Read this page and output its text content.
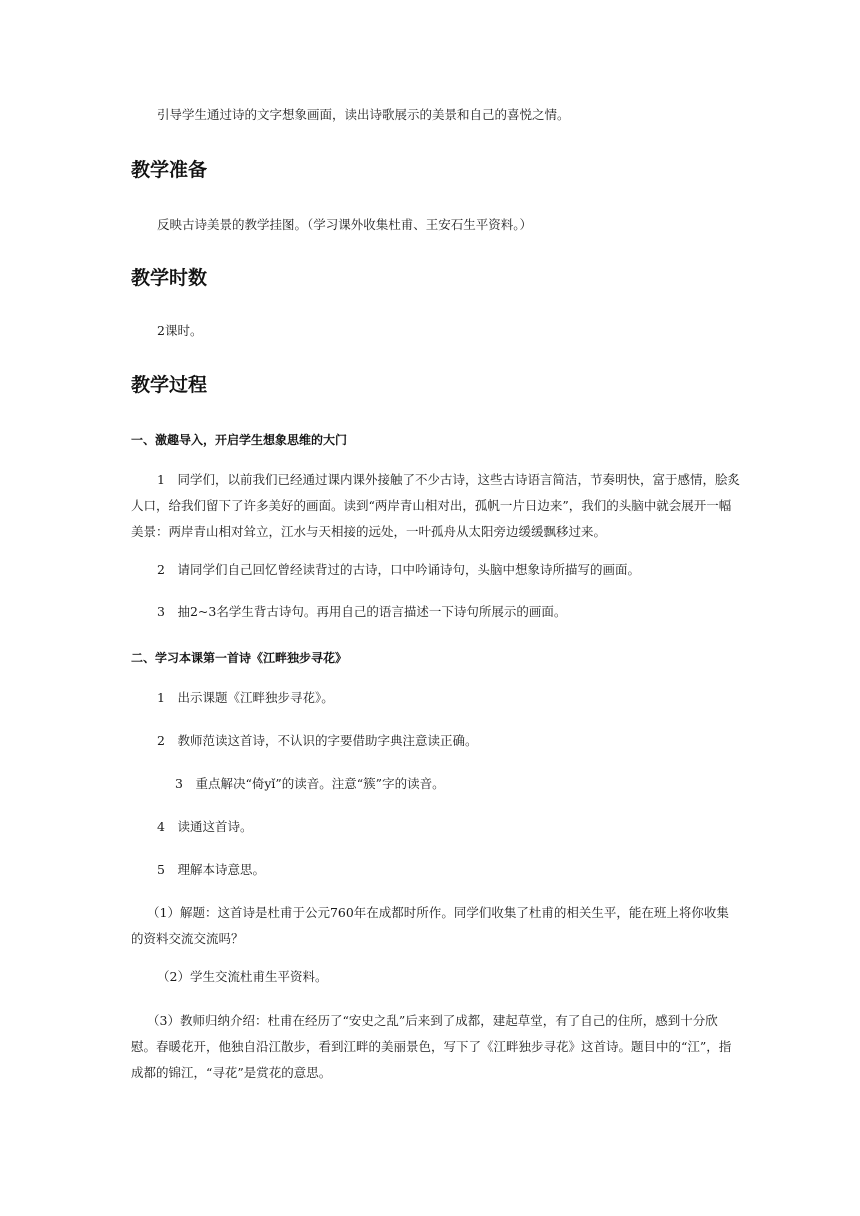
引导学生通过诗的文字想象画面，读出诗歌展示的美景和自己的喜悦之情。

教学准备

反映古诗美景的教学挂图。（学习课外收集杜甫、王安石生平资料。）

教学时数

2课时。

教学过程
一、激趣导入，开启学生想象思维的大门

1　同学们，以前我们已经通过课内课外接触了不少古诗，这些古诗语言简洁，节奏明快，富于感情，脍炙人口，给我们留下了许多美好的画面。读到“两岸青山相对出，孤帆一片日边来”，我们的头脑中就会展开一幅美景：两岸青山相对耸立，江水与天相接的远处，一叶孤舟从太阳旁边缓缓飘移过来。

2　请同学们自己回忆曾经读背过的古诗，口中吟诵诗句，头脑中想象诗所描写的画面。

3　抽2~3名学生背古诗句。再用自己的语言描述一下诗句所展示的画面。

二、学习本课第一首诗《江畔独步寻花》

1　出示课题《江畔独步寻花》。

2　教师范读这首诗，不认识的字要借助字典注意读正确。

3　重点解决“倚yǐ”的读音。注意“簇”字的读音。

4　读通这首诗。

5　理解本诗意思。

（1）解题：这首诗是杜甫于公元760年在成都时所作。同学们收集了杜甫的相关生平，能在班上将你收集的资料交流交流吗？

（2）学生交流杜甫生平资料。

（3）教师归纳介绍：杜甫在经历了“安史之乱”后来到了成都，建起草堂，有了自己的住所，感到十分欣慰。春暖花开，他独自沿江散步，看到江畔的美丽景色，写下了《江畔独步寻花》这首诗。题目中的“江”，指成都的锦江，“寻花”是赏花的意思。
